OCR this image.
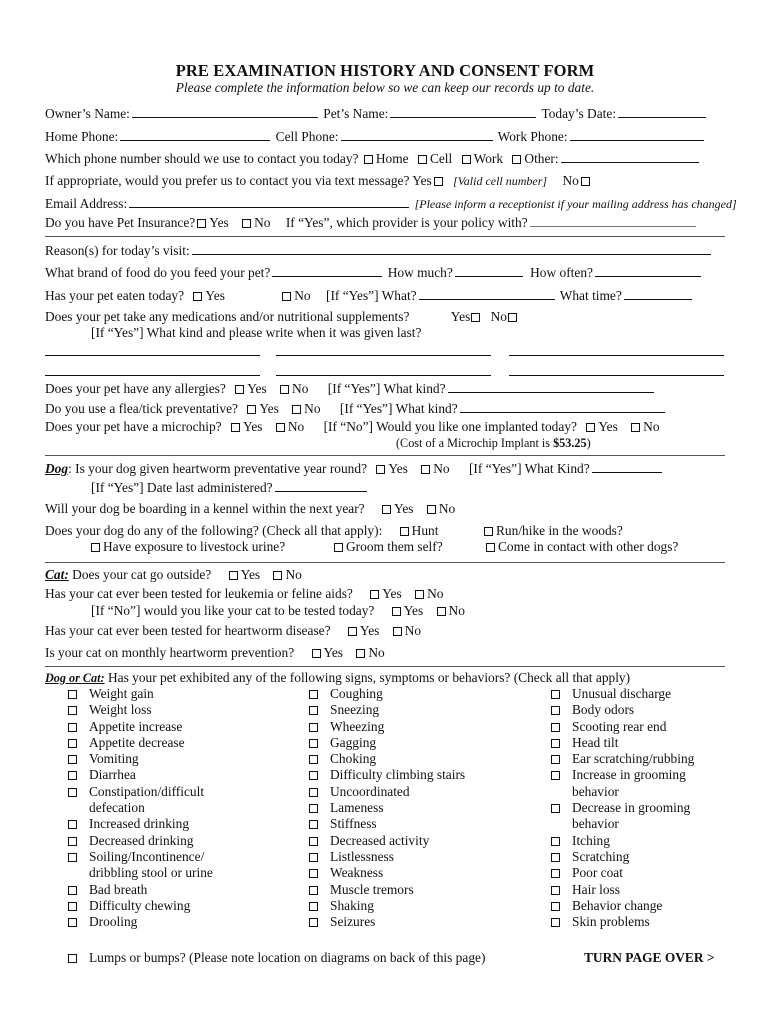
PRE EXAMINATION HISTORY AND CONSENT FORM
Please complete the information below so we can keep our records up to date.
Owner’s Name:	Pet’s Name:	Today’s Date:
Home Phone:	Cell Phone:	Work Phone:
Which phone number should we use to contact you today? Home Cell Work Other:
If appropriate, would you prefer us to contact you via text message? Yes [Valid cell number] No
Email Address:	[Please inform a receptionist if your mailing address has changed]
Do you have Pet Insurance? Yes No If “Yes”, which provider is your policy with?
Reason(s) for today’s visit:
What brand of food do you feed your pet?	How much?	How often?
Has your pet eaten today? Yes	No [If “Yes”] What?	What time?
Does your pet take any medications and/or nutritional supplements?	Yes No
[If “Yes”] What kind and please write when it was given last?
Does your pet have any allergies? Yes No [If “Yes”] What kind?
Do you use a flea/tick preventative? Yes No [If “Yes”] What kind?
Does your pet have a microchip? Yes No [If “No”] Would you like one implanted today? Yes No
(Cost of a Microchip Implant is $53.25)
Dog: Is your dog given heartworm preventative year round? Yes No [If “Yes”] What Kind?
[If “Yes”] Date last administered?
Will your dog be boarding in a kennel within the next year? Yes No
Does your dog do any of the following? (Check all that apply): Hunt	Run/hike in the woods?
Have exposure to livestock urine?	Groom them self?	Come in contact with other dogs?
Cat: Does your cat go outside? Yes No
Has your cat ever been tested for leukemia or feline aids? Yes No
[If “No”] would you like your cat to be tested today? Yes No
Has your cat ever been tested for heartworm disease? Yes No
Is your cat on monthly heartworm prevention? Yes No
Dog or Cat: Has your pet exhibited any of the following signs, symptoms or behaviors? (Check all that apply)
Weight gain
Weight loss
Appetite increase
Appetite decrease
Vomiting
Diarrhea
Constipation/difficult
defecation
Increased drinking
Decreased drinking
Soiling/Incontinence/
dribbling stool or urine
Bad breath
Difficulty chewing
Drooling
Coughing
Sneezing
Wheezing
Gagging
Choking
Difficulty climbing stairs
Uncoordinated
Lameness
Stiffness
Decreased activity
Listlessness
Weakness
Muscle tremors
Shaking
Seizures
Unusual discharge
Body odors
Scooting rear end
Head tilt
Ear scratching/rubbing
Increase in grooming
behavior
Decrease in grooming
behavior
Itching
Scratching
Poor coat
Hair loss
Behavior change
Skin problems
Lumps or bumps? (Please note location on diagrams on back of this page)	TURN PAGE OVER >
